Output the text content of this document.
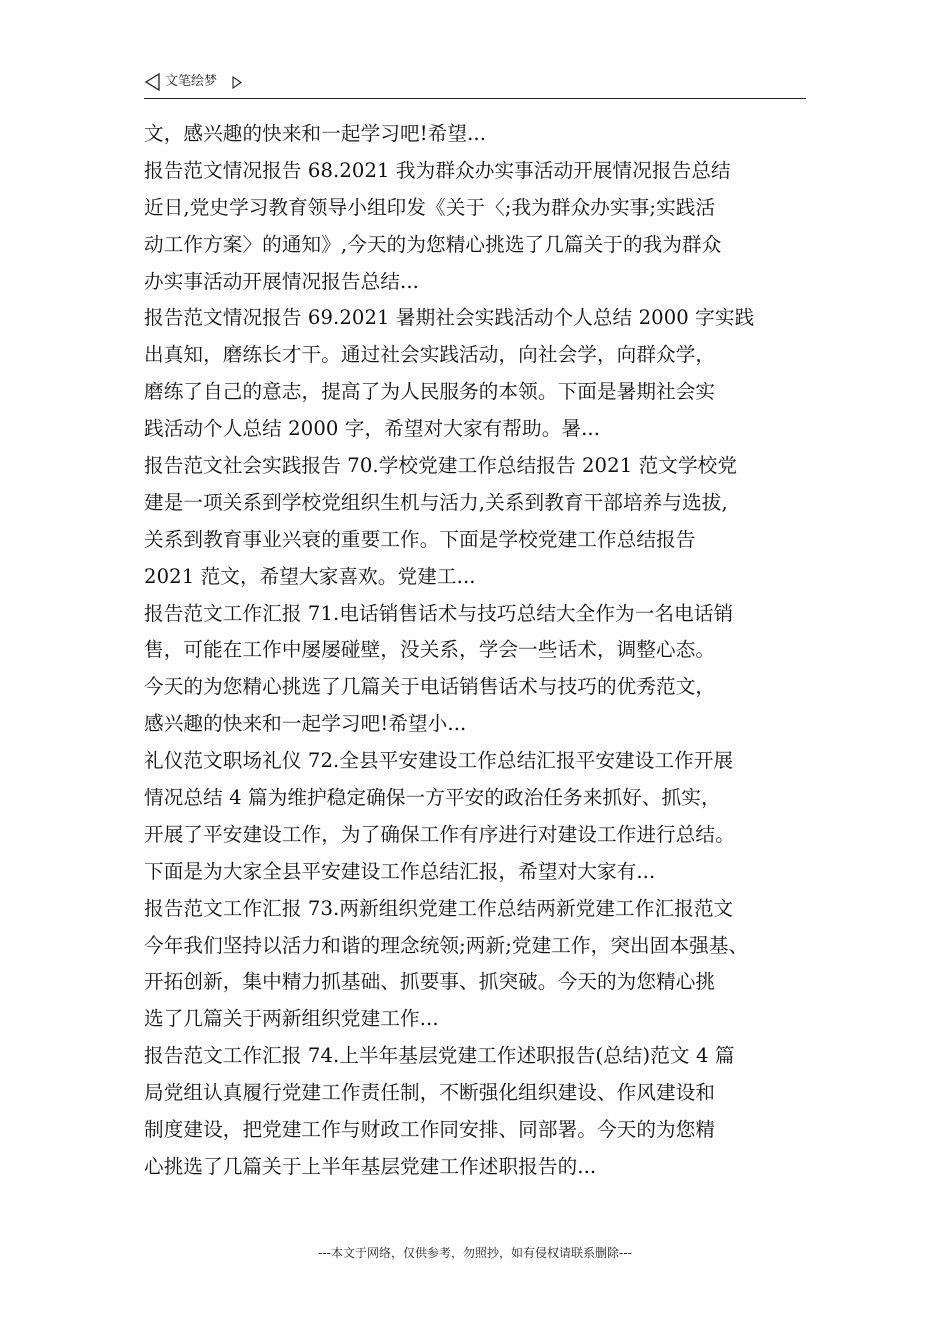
文笔绘梦
文，感兴趣的快来和一起学习吧!希望...
报告范文情况报告 68.2021 我为群众办实事活动开展情况报告总结
近日,党史学习教育领导小组印发《关于〈;我为群众办实事;实践活
动工作方案〉的通知》,今天的为您精心挑选了几篇关于的我为群众
办实事活动开展情况报告总结...
报告范文情况报告 69.2021 暑期社会实践活动个人总结 2000 字实践
出真知，磨练长才干。通过社会实践活动，向社会学，向群众学，
磨练了自己的意志，提高了为人民服务的本领。下面是暑期社会实
践活动个人总结 2000 字，希望对大家有帮助。暑...
报告范文社会实践报告 70.学校党建工作总结报告 2021 范文学校党
建是一项关系到学校党组织生机与活力,关系到教育干部培养与选拔,
关系到教育事业兴衰的重要工作。下面是学校党建工作总结报告
2021 范文，希望大家喜欢。党建工...
报告范文工作汇报 71.电话销售话术与技巧总结大全作为一名电话销
售，可能在工作中屡屡碰壁，没关系，学会一些话术，调整心态。
今天的为您精心挑选了几篇关于电话销售话术与技巧的优秀范文，
感兴趣的快来和一起学习吧!希望小...
礼仪范文职场礼仪 72.全县平安建设工作总结汇报平安建设工作开展
情况总结 4 篇为维护稳定确保一方平安的政治任务来抓好、抓实，
开展了平安建设工作，为了确保工作有序进行对建设工作进行总结。
下面是为大家全县平安建设工作总结汇报，希望对大家有...
报告范文工作汇报 73.两新组织党建工作总结两新党建工作汇报范文
今年我们坚持以活力和谐的理念统领;两新;党建工作，突出固本强基、
开拓创新，集中精力抓基础、抓要事、抓突破。今天的为您精心挑
选了几篇关于两新组织党建工作...
报告范文工作汇报 74.上半年基层党建工作述职报告(总结)范文 4 篇
局党组认真履行党建工作责任制，不断强化组织建设、作风建设和
制度建设，把党建工作与财政工作同安排、同部署。今天的为您精
心挑选了几篇关于上半年基层党建工作述职报告的...
---本文于网络，仅供参考，勿照抄，如有侵权请联系删除---
